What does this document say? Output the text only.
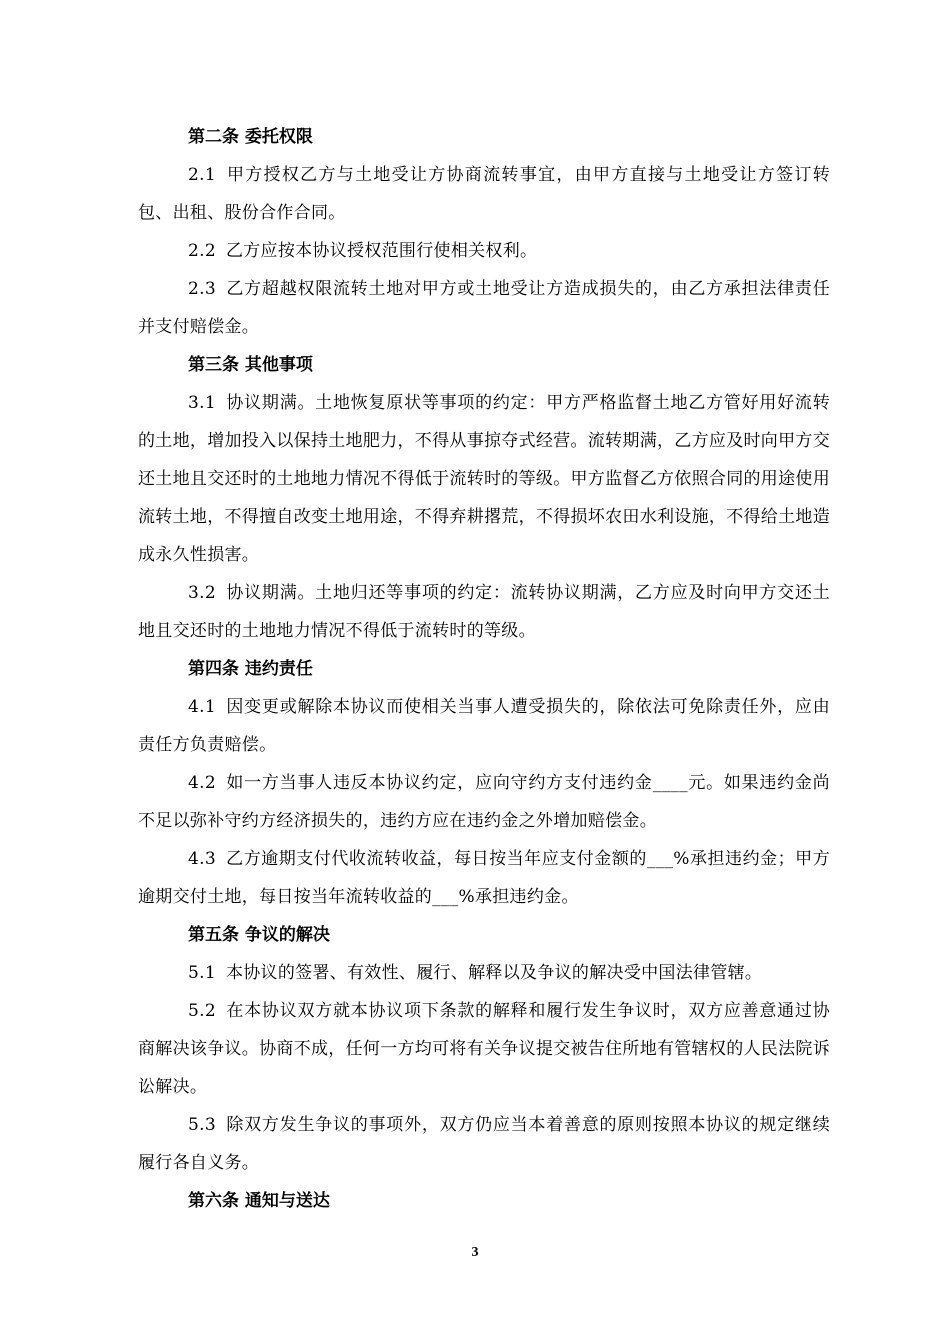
第二条 委托权限
2.1 甲方授权乙方与土地受让方协商流转事宜，由甲方直接与土地受让方签订转包、出租、股份合作合同。
2.2 乙方应按本协议授权范围行使相关权利。
2.3 乙方超越权限流转土地对甲方或土地受让方造成损失的，由乙方承担法律责任并支付赔偿金。
第三条 其他事项
3.1 协议期满。土地恢复原状等事项的约定：甲方严格监督土地乙方管好用好流转的土地，增加投入以保持土地肥力，不得从事掠夺式经营。流转期满，乙方应及时向甲方交还土地且交还时的土地地力情况不得低于流转时的等级。甲方监督乙方依照合同的用途使用流转土地，不得擅自改变土地用途，不得弃耕撂荒，不得损坏农田水利设施，不得给土地造成永久性损害。
3.2 协议期满。土地归还等事项的约定：流转协议期满，乙方应及时向甲方交还土地且交还时的土地地力情况不得低于流转时的等级。
第四条 违约责任
4.1 因变更或解除本协议而使相关当事人遭受损失的，除依法可免除责任外，应由责任方负责赔偿。
4.2 如一方当事人违反本协议约定，应向守约方支付违约金____元。如果违约金尚不足以弥补守约方经济损失的，违约方应在违约金之外增加赔偿金。
4.3 乙方逾期支付代收流转收益，每日按当年应支付金额的___%承担违约金；甲方逾期交付土地，每日按当年流转收益的___%承担违约金。
第五条 争议的解决
5.1 本协议的签署、有效性、履行、解释以及争议的解决受中国法律管辖。
5.2 在本协议双方就本协议项下条款的解释和履行发生争议时，双方应善意通过协商解决该争议。协商不成，任何一方均可将有关争议提交被告住所地有管辖权的人民法院诉讼解决。
5.3 除双方发生争议的事项外，双方仍应当本着善意的原则按照本协议的规定继续履行各自义务。
第六条 通知与送达
3
